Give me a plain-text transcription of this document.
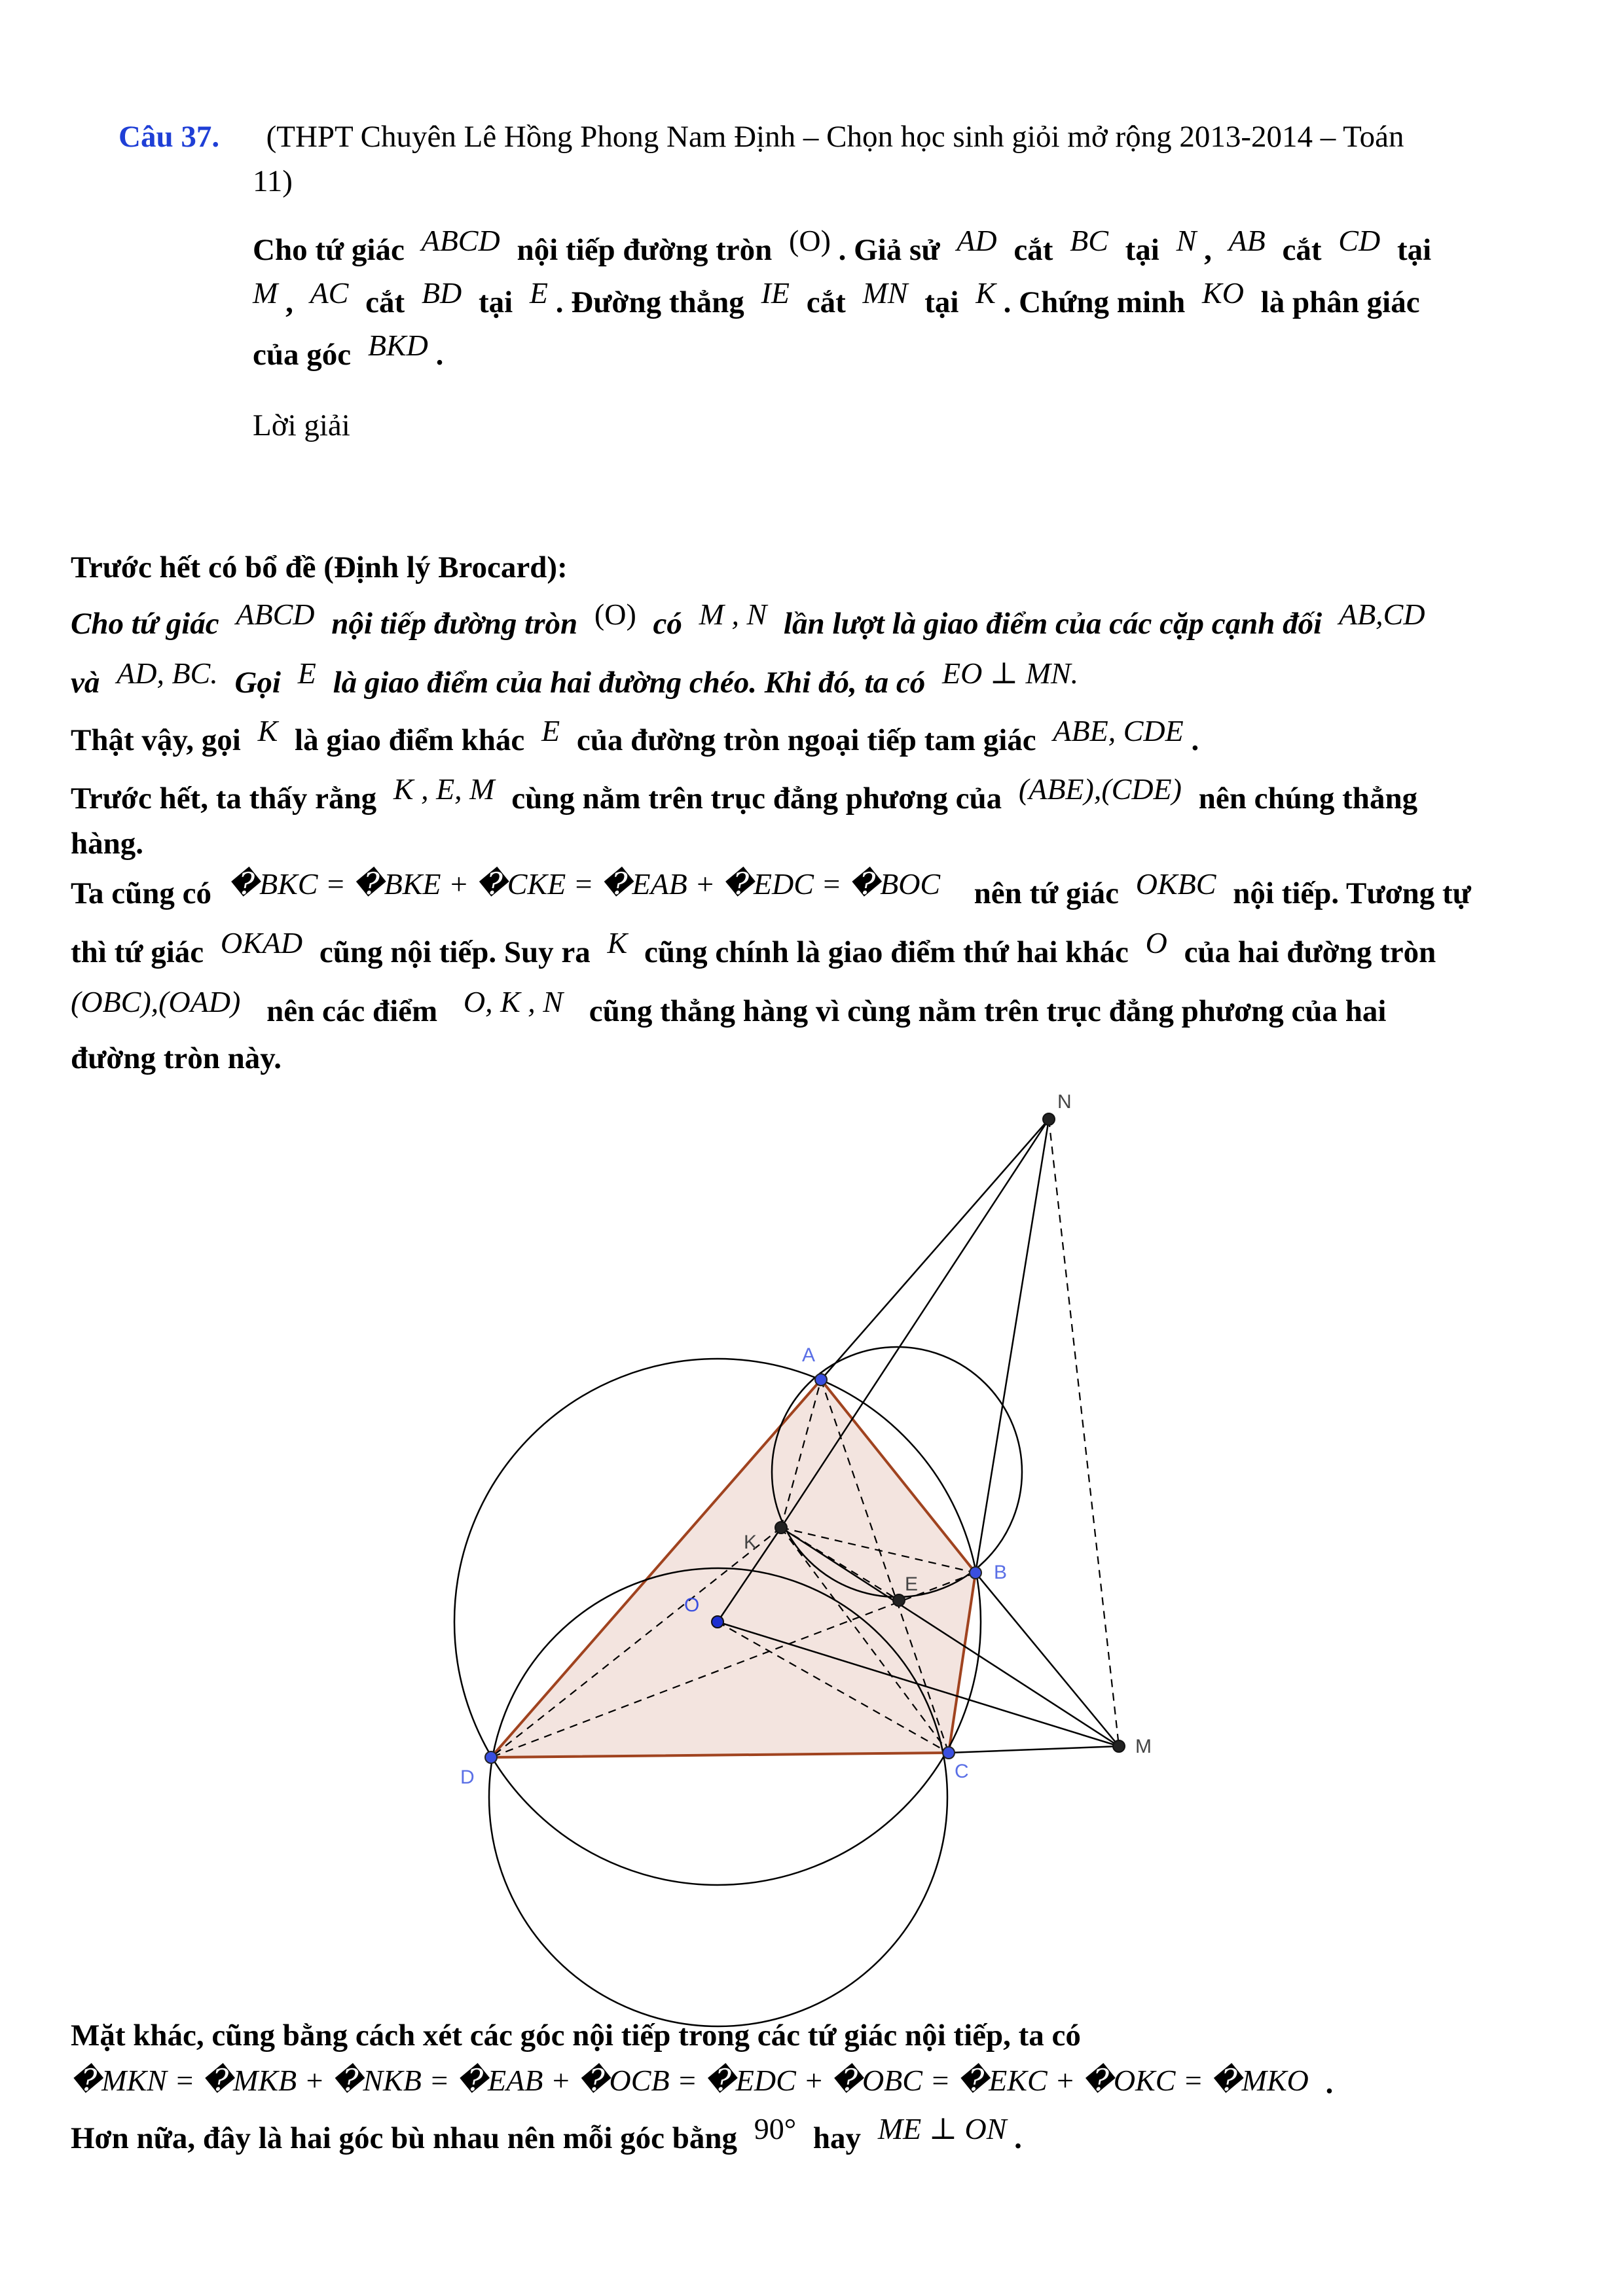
Câu 37. (THPT Chuyên Lê Hồng Phong Nam Định – Chọn học sinh giỏi mở rộng 2013-2014 – Toán
11)
Cho tứ giác ABCD nội tiếp đường tròn (O) . Giả sử AD cắt BC tại N , AB cắt CD tại
M , AC cắt BD tại E . Đường thẳng IE cắt MN tại K . Chứng minh KO là phân giác
của góc BKD .
Lời giải
Trước hết có bổ đề (Định lý Brocard):
Cho tứ giác ABCD nội tiếp đường tròn (O) có M , N lần lượt là giao điểm của các cặp cạnh đối AB,CD
và AD, BC. Gọi E là giao điểm của hai đường chéo. Khi đó, ta có EO ⊥ MN.
Thật vậy, gọi K là giao điểm khác E của đường tròn ngoại tiếp tam giác ABE, CDE .
Trước hết, ta thấy rằng K , E, M cùng nằm trên trục đẳng phương của (ABE),(CDE) nên chúng thẳng
hàng.
Ta cũng có �BKC = �BKE + �CKE = �EAB + �EDC = �BOC nên tứ giác OKBC nội tiếp. Tương tự
thì tứ giác OKAD cũng nội tiếp. Suy ra K cũng chính là giao điểm thứ hai khác O của hai đường tròn
(OBC),(OAD) nên các điểm O, K , N cũng thẳng hàng vì cùng nằm trên trục đẳng phương của hai
đường tròn này.
A
B
C
D
O
E
K
N
M
Mặt khác, cũng bằng cách xét các góc nội tiếp trong các tứ giác nội tiếp, ta có
�MKN = �MKB + �NKB = �EAB + �OCB = �EDC + �OBC = �EKC + �OKC = �MKO .
Hơn nữa, đây là hai góc bù nhau nên mỗi góc bằng 90° hay ME ⊥ ON .
